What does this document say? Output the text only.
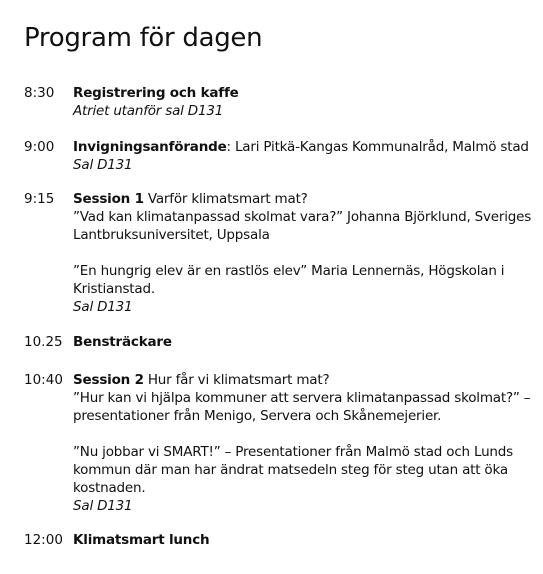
Program för dagen
8:30 Registrering och kaffe
Atriet utanför sal D131
9:00 Invigningsanförande: Lari Pitkä-Kangas Kommunalråd, Malmö stad
Sal D131
9:15 Session 1 Varför klimatsmart mat?
”Vad kan klimatanpassad skolmat vara?” Johanna Björklund, Sveriges Lantbruksuniversitet, Uppsala
”En hungrig elev är en rastlös elev” Maria Lennernäs, Högskolan i Kristianstad.
Sal D131
10.25 Bensträckare
10:40 Session 2 Hur får vi klimatsmart mat?
”Hur kan vi hjälpa kommuner att servera klimatanpassad skolmat?” – presentationer från Menigo, Servera och Skånemejerier.
”Nu jobbar vi SMART!” – Presentationer från Malmö stad och Lunds kommun där man har ändrat matsedeln steg för steg utan att öka kostnaden.
Sal D131
12:00 Klimatsmart lunch
